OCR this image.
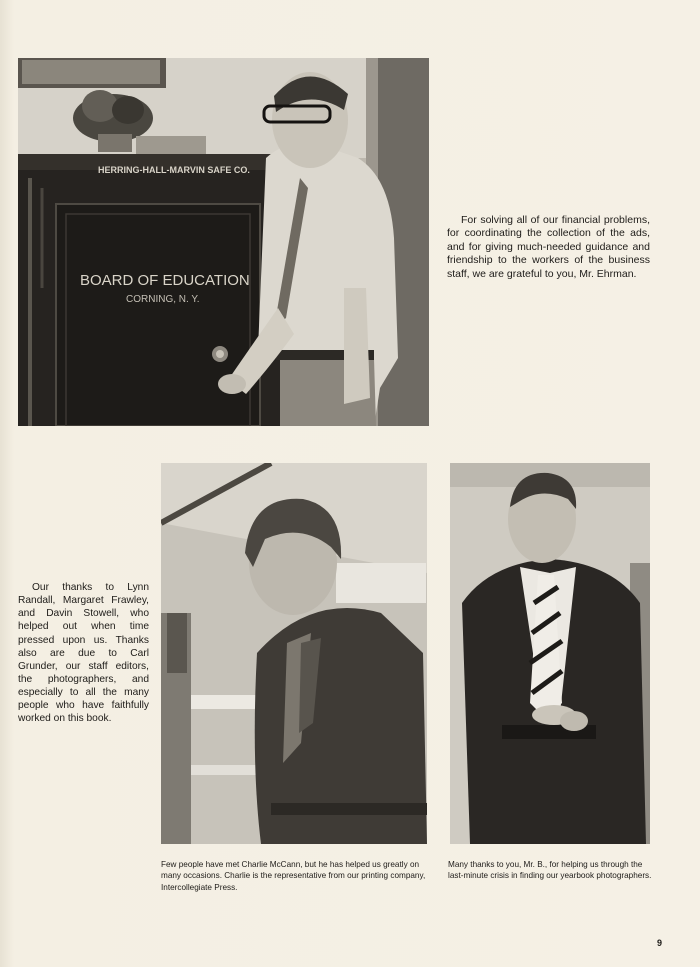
HERRING-HALL-MARVIN SAFE CO.
BOARD OF EDUCATION
CORNING, N. Y.

For solving all of our financial problems, for coordinating the collection of the ads, and for giving much-needed guidance and friendship to the workers of the business staff, we are grateful to you, Mr. Ehrman.

Our thanks to Lynn Randall, Margaret Frawley, and Davin Stowell, who helped out when time pressed upon us. Thanks also are due to Carl Grunder, our staff editors, the photographers, and especially to all the many people who have faithfully worked on this book.

Few people have met Charlie McCann, but he has helped us greatly on many occasions. Charlie is the representative from our printing company, Intercollegiate Press.

Many thanks to you, Mr. B., for helping us through the last-minute crisis in finding our yearbook photographers.

9
